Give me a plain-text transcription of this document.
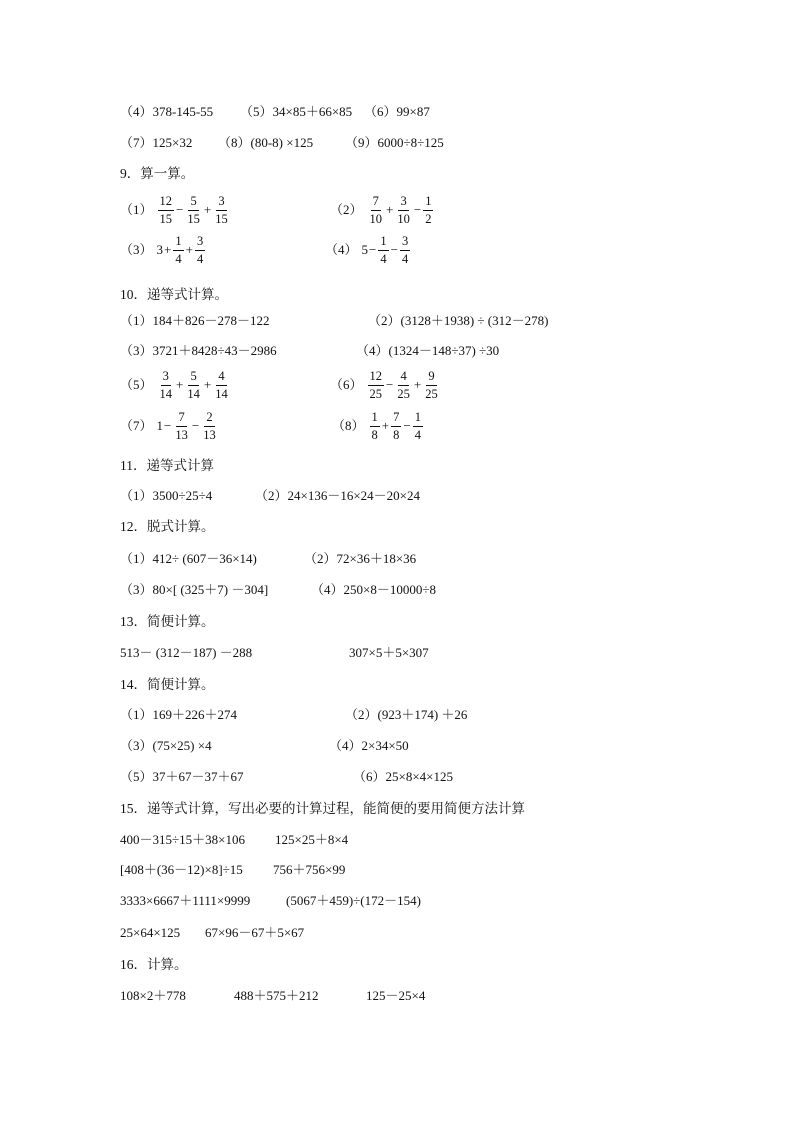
（4）378-145-55 （5）34×85＋66×85 （6）99×87
（7）125×32 （8）(80-8) ×125 （9）6000÷8÷125
9．算一算。
$(1) \frac{12}{15} - \frac{5}{15} + \frac{3}{15}$	$(2) \frac{7}{10} + \frac{3}{10} - \frac{1}{2}$
（3） $3 + \frac{1}{4} + \frac{3}{4}$	（4） $5 - \frac{1}{4} - \frac{3}{4}$
10．递等式计算。
（1）184＋826－278－122	（2）(3128＋1938) ÷ (312－278)
（3）3721＋8428÷43－2986	（4）(1324－148÷37) ÷30
$(5) \frac{3}{14} + \frac{5}{14} + \frac{4}{14}$	$(6) \frac{12}{25} - \frac{4}{25} + \frac{9}{25}$
（7） $1 - \frac{7}{13} - \frac{2}{13}$	$(8) \frac{1}{8} + \frac{7}{8} - \frac{1}{4}$
11．递等式计算
（1）3500÷25÷4	（2）24×136－16×24－20×24
12．脱式计算。
（1）412÷ (607－36×14)	（2）72×36＋18×36
（3）80×[ (325＋7) －304]	（4）250×8－10000÷8
13．简便计算。
513－ (312－187) －288	307×5＋5×307
14．简便计算。
（1）169＋226＋274	（2）(923＋174) ＋26
（3）(75×25) ×4	（4）2×34×50
（5）37＋67－37＋67	（6）25×8×4×125
15．递等式计算，写出必要的计算过程，能简便的要用简便方法计算
400－315÷15＋38×106 125×25＋8×4
[408＋(36－12)×8]÷15 756＋756×99
3333×6667＋1111×9999	(5067＋459)÷(172－154)
25×64×125 67×96－67＋5×67
16．计算。
108×2＋778	488＋575＋212	125－25×4
